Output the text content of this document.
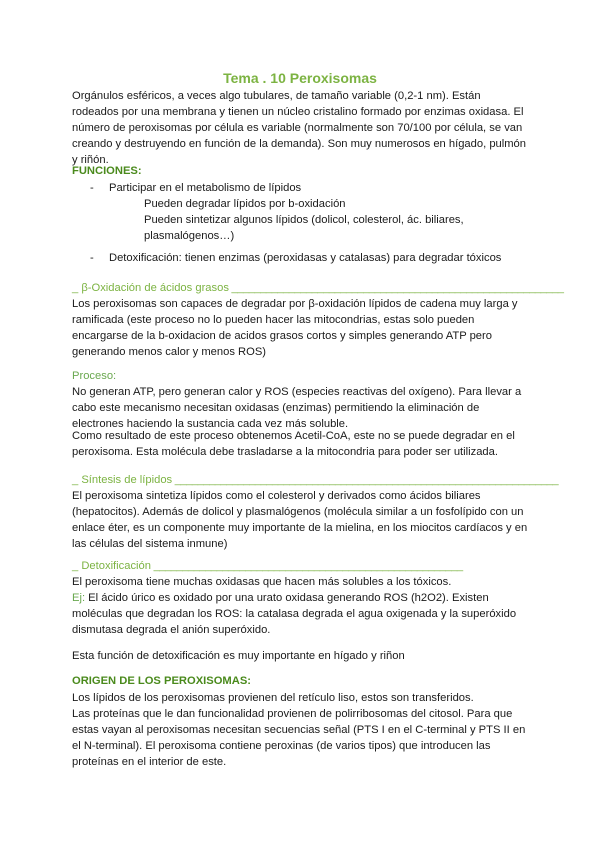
Tema . 10 Peroxisomas
Orgánulos esféricos, a veces algo tubulares, de tamaño variable (0,2-1 nm). Están rodeados por una membrana y tienen un núcleo cristalino formado por enzimas oxidasa. El número de peroxisomas por célula es variable (normalmente son 70/100 por célula, se van creando y destruyendo en función de la demanda). Son muy numerosos en hígado, pulmón y riñón.
FUNCIONES:
- Participar en el metabolismo de lípidos
Pueden degradar lípidos por b-oxidación
Pueden sintetizar algunos lípidos (dolicol, colesterol, ác. biliares, plasmalógenos…)
- Detoxificación: tienen enzimas (peroxidasas y catalasas) para degradar tóxicos
_ β-Oxidación de ácidos grasos __________________________________________________________
Los peroxisomas son capaces de degradar por β-oxidación lípidos de cadena muy larga y ramificada (este proceso no lo pueden hacer las mitocondrias, estas solo pueden encargarse de la b-oxidacion de acidos grasos cortos y simples generando ATP pero generando menos calor y menos ROS)
Proceso:
No generan ATP, pero generan calor y ROS (especies reactivas del oxígeno). Para llevar a cabo este mecanismo necesitan oxidasas (enzimas) permitiendo la eliminación de electrones haciendo la sustancia cada vez más soluble.
Como resultado de este proceso obtenemos Acetil-CoA, este no se puede degradar en el peroxisoma. Esta molécula debe trasladarse a la mitocondria para poder ser utilizada.
_ Síntesis de lípidos ___________________________________________________________________
El peroxisoma sintetiza lípidos como el colesterol y derivados como ácidos biliares (hepatocitos). Además de dolicol y plasmalógenos (molécula similar a un fosfolípido con un enlace éter, es un componente muy importante de la mielina, en los miocitos cardíacos y en las células del sistema inmune)
_ Detoxificación ______________________________________________________
El peroxisoma tiene muchas oxidasas que hacen más solubles a los tóxicos.
Ej: El ácido úrico es oxidado por una urato oxidasa generando ROS (h2O2). Existen moléculas que degradan los ROS: la catalasa degrada el agua oxigenada y la superóxido dismutasa degrada el anión superóxido.
Esta función de detoxificación es muy importante en hígado y riñon
ORIGEN DE LOS PEROXISOMAS:
Los lípidos de los peroxisomas provienen del retículo liso, estos son transferidos.
Las proteínas que le dan funcionalidad provienen de polirribosomas del citosol. Para que estas vayan al peroxisomas necesitan secuencias señal (PTS I en el C-terminal y PTS II en el N-terminal). El peroxisoma contiene peroxinas (de varios tipos) que introducen las proteínas en el interior de este.
